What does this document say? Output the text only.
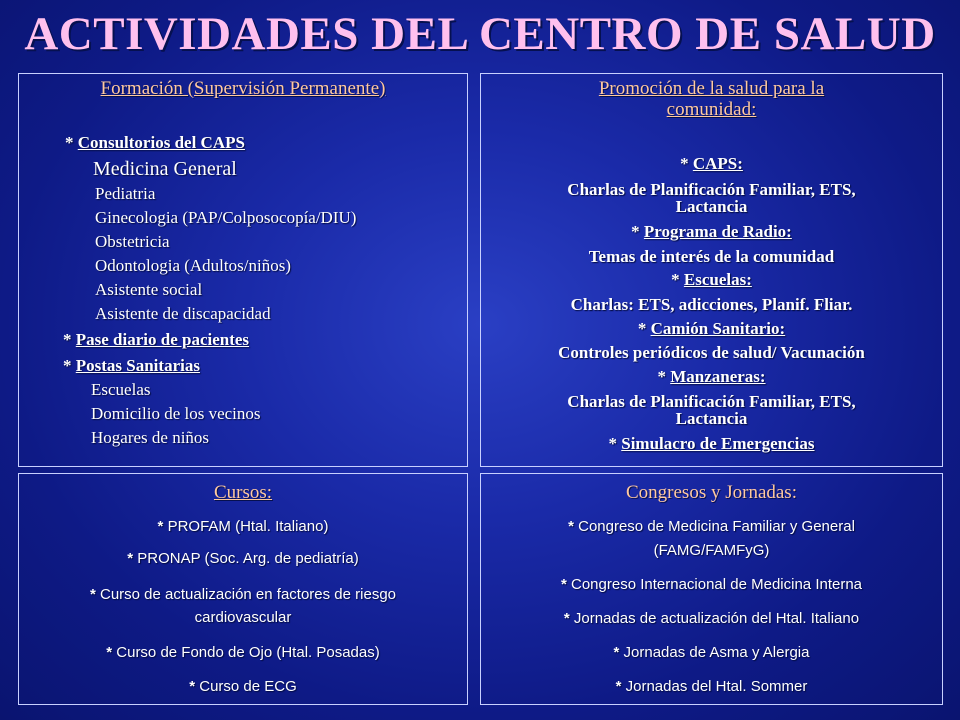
ACTIVIDADES DEL CENTRO DE SALUD

Formación (Supervisión Permanente)

* Consultorios del CAPS
Medicina General
Pediatria
Ginecologia (PAP/Colposocopía/DIU)
Obstetricia
Odontologia (Adultos/niños)
Asistente social
Asistente de discapacidad
* Pase diario de pacientes
* Postas Sanitarias
Escuelas
Domicilio de los vecinos
Hogares de niños

Promoción de la salud para la
comunidad:

* CAPS:
Charlas de Planificación Familiar, ETS,
Lactancia
* Programa de Radio:
Temas de interés de la comunidad
* Escuelas:
Charlas: ETS, adicciones, Planif. Fliar.
* Camión Sanitario:
Controles periódicos de salud/ Vacunación
* Manzaneras:
Charlas de Planificación Familiar, ETS,
Lactancia
* Simulacro de Emergencias

Cursos:

* PROFAM (Htal. Italiano)
* PRONAP (Soc. Arg. de pediatría)
* Curso de actualización en factores de riesgo
cardiovascular
* Curso de Fondo de Ojo (Htal. Posadas)
* Curso de ECG

Congresos y Jornadas:

* Congreso de Medicina Familiar y General
(FAMG/FAMFyG)
* Congreso Internacional de Medicina Interna
* Jornadas de actualización del Htal. Italiano
* Jornadas de Asma y Alergia
* Jornadas del Htal. Sommer
